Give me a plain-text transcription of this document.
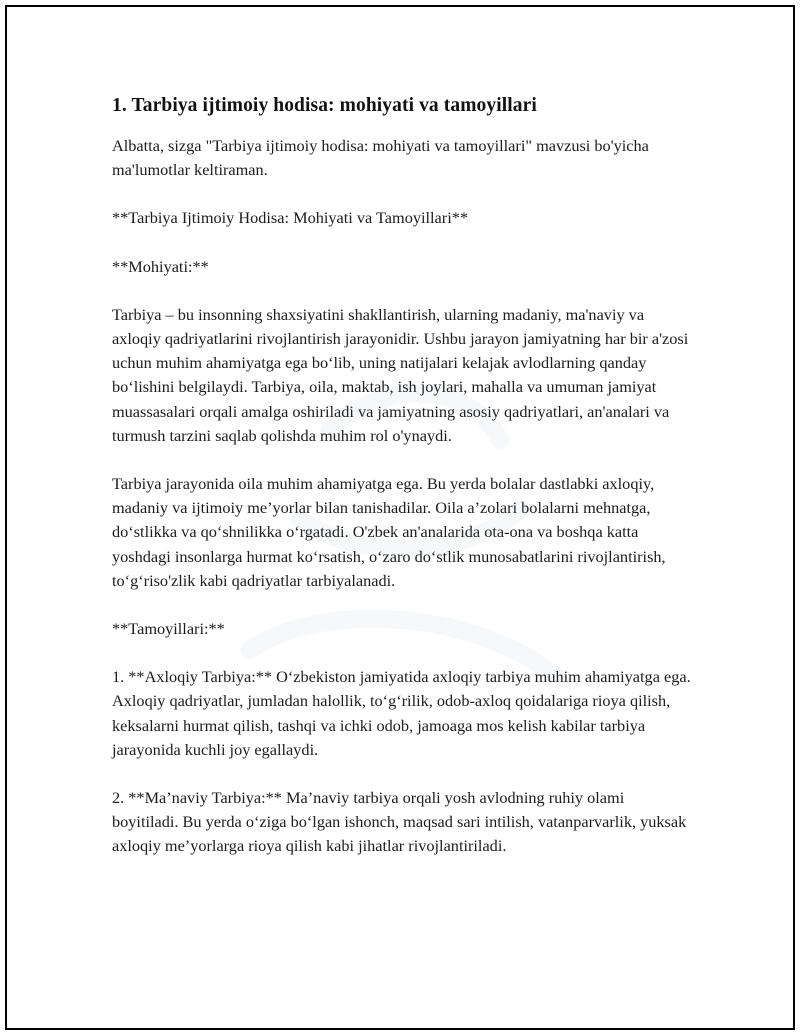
1. Tarbiya ijtimoiy hodisa: mohiyati va tamoyillari

Albatta, sizga "Tarbiya ijtimoiy hodisa: mohiyati va tamoyillari" mavzusi bo'yicha ma'lumotlar keltiraman.

**Tarbiya Ijtimoiy Hodisa: Mohiyati va Tamoyillari**

**Mohiyati:**

Tarbiya – bu insonning shaxsiyatini shakllantirish, ularning madaniy, ma'naviy va axloqiy qadriyatlarini rivojlantirish jarayonidir. Ushbu jarayon jamiyatning har bir a'zosi uchun muhim ahamiyatga ega boʻlib, uning natijalari kelajak avlodlarning qanday boʻlishini belgilaydi. Tarbiya, oila, maktab, ish joylari, mahalla va umuman jamiyat muassasalari orqali amalga oshiriladi va jamiyatning asosiy qadriyatlari, an'analari va turmush tarzini saqlab qolishda muhim rol o'ynaydi.

Tarbiya jarayonida oila muhim ahamiyatga ega. Bu yerda bolalar dastlabki axloqiy, madaniy va ijtimoiy meʼyorlar bilan tanishadilar. Oila aʼzolari bolalarni mehnatga, doʻstlikka va qoʻshnilikka oʻrgatadi. O'zbek an'analarida ota-ona va boshqa katta yoshdagi insonlarga hurmat koʻrsatish, oʻzaro doʻstlik munosabatlarini rivojlantirish, toʻgʻriso'zlik kabi qadriyatlar tarbiyalanadi.

**Tamoyillari:**

1. **Axloqiy Tarbiya:** Oʻzbekiston jamiyatida axloqiy tarbiya muhim ahamiyatga ega. Axloqiy qadriyatlar, jumladan halollik, toʻgʻrilik, odob-axloq qoidalariga rioya qilish, keksalarni hurmat qilish, tashqi va ichki odob, jamoaga mos kelish kabilar tarbiya jarayonida kuchli joy egallaydi.

2. **Maʼnaviy Tarbiya:** Maʼnaviy tarbiya orqali yosh avlodning ruhiy olami boyitiladi. Bu yerda oʻziga boʻlgan ishonch, maqsad sari intilish, vatanparvarlik, yuksak axloqiy meʼyorlarga rioya qilish kabi jihatlar rivojlantiriladi.
